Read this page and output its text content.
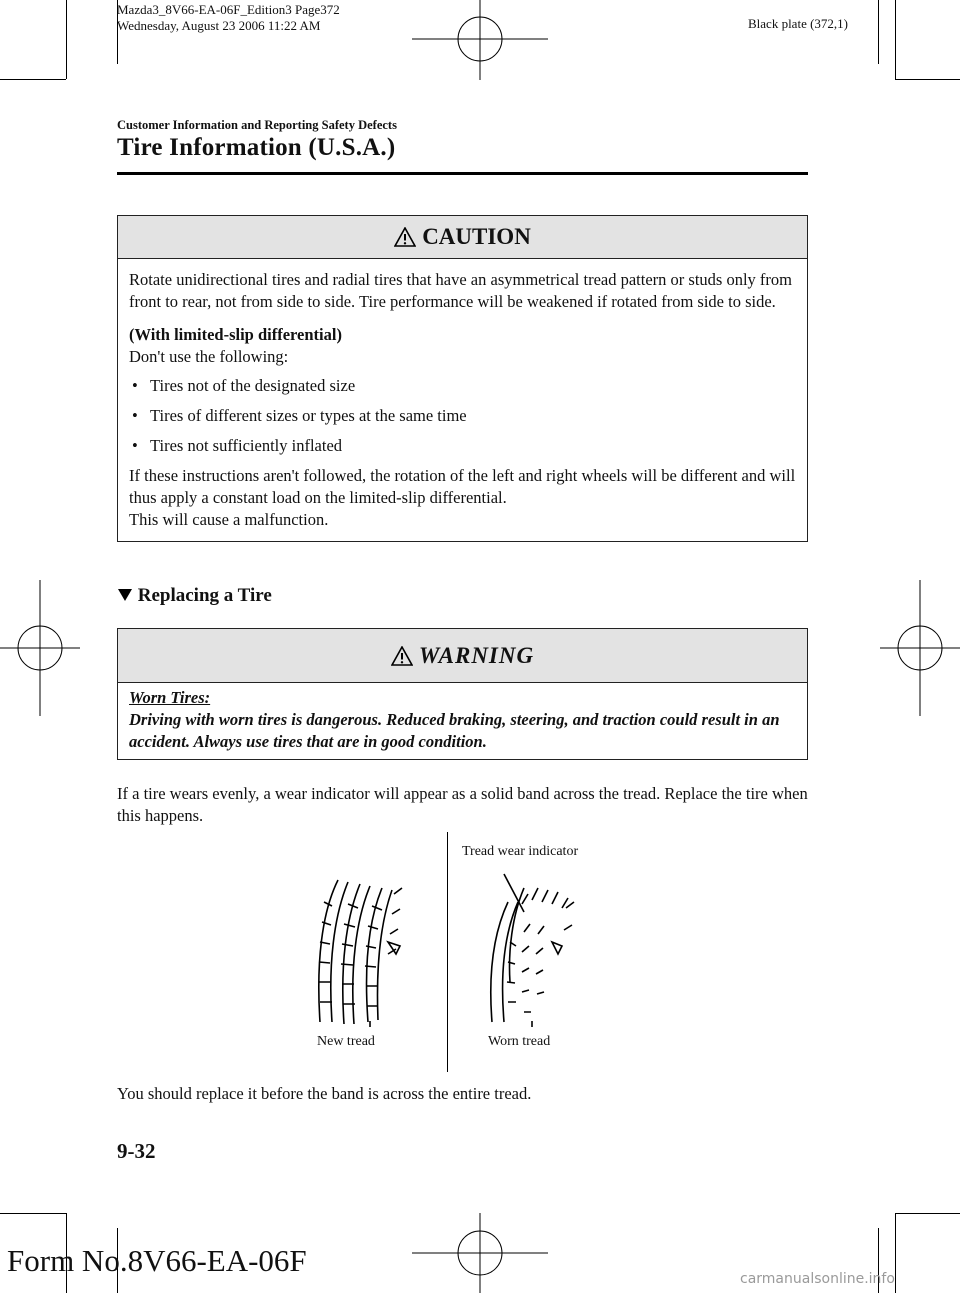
Mazda3_8V66-EA-06F_Edition3 Page372
Wednesday, August 23 2006 11:22 AM	Black plate (372,1)
Customer Information and Reporting Safety Defects
Tire Information (U.S.A.)
CAUTION

Rotate unidirectional tires and radial tires that have an asymmetrical tread pattern or studs only from front to rear, not from side to side. Tire performance will be weakened if rotated from side to side.

(With limited-slip differential)

Don't use the following:

• Tires not of the designated size
• Tires of different sizes or types at the same time
• Tires not sufficiently inflated

If these instructions aren't followed, the rotation of the left and right wheels will be different and will thus apply a constant load on the limited-slip differential.

This will cause a malfunction.

Replacing a Tire
WARNING

Worn Tires:

Driving with worn tires is dangerous. Reduced braking, steering, and traction could result in an accident. Always use tires that are in good condition.

If a tire wears evenly, a wear indicator will appear as a solid band across the tread. Replace the tire when this happens.
Tread wear indicator
New tread	Worn tread
You should replace it before the band is across the entire tread.
9-32
Form No.8V66-EA-06F
carmanualsonline.info
